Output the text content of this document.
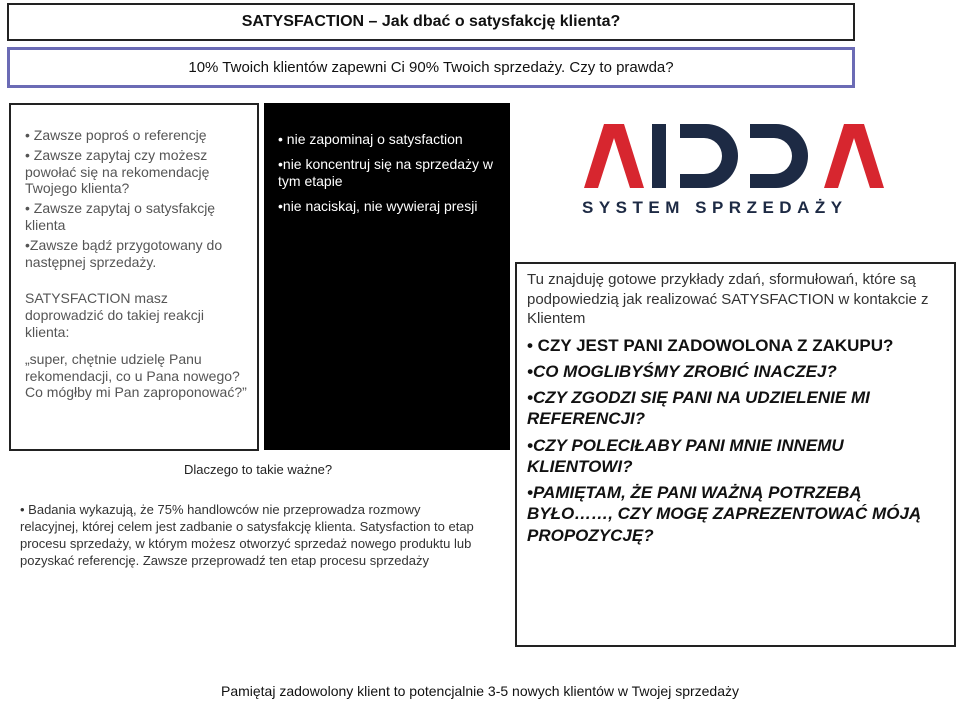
SATYSFACTION – Jak dbać o satysfakcję klienta?
10% Twoich klientów zapewni Ci 90% Twoich sprzedaży. Czy to prawda?
• Zawsze poproś o referencję
• Zawsze zapytaj czy możesz powołać się na rekomendację Twojego klienta?
• Zawsze zapytaj o satysfakcję klienta
•Zawsze bądź przygotowany do następnej sprzedaży.
SATYSFACTION masz doprowadzić do takiej reakcji klienta:
„super, chętnie udzielę Panu rekomendacji, co u Pana nowego? Co mógłby mi Pan zaproponować?”
• nie zapominaj o satysfaction
•nie koncentruj się na sprzedaży w tym etapie
•nie naciskaj, nie wywieraj presji
Dlaczego to takie ważne?
• Badania wykazują, że 75% handlowców nie przeprowadza rozmowy relacyjnej, której celem jest zadbanie o satysfakcję klienta. Satysfaction to etap procesu sprzedaży, w którym możesz otworzyć sprzedaż nowego produktu lub pozyskać referencję. Zawsze przeprowadź ten etap procesu sprzedaży
SYSTEM SPRZEDAŻY
Tu znajduję gotowe przykłady zdań, sformułowań, które są podpowiedzią jak realizować SATYSFACTION w kontakcie z Klientem
• CZY JEST PANI ZADOWOLONA Z ZAKUPU?
•CO MOGLIBYŚMY ZROBIĆ INACZEJ?
•CZY ZGODZI SIĘ PANI NA UDZIELENIE MI REFERENCJI?
•CZY POLECIŁABY PANI MNIE INNEMU KLIENTOWI?
•PAMIĘTAM, ŻE PANI WAŻNĄ POTRZEBĄ BYŁO……, CZY MOGĘ ZAPREZENTOWAĆ MÓJĄ PROPOZYCJĘ?
Pamiętaj zadowolony klient to potencjalnie 3-5 nowych klientów w Twojej sprzedaży
